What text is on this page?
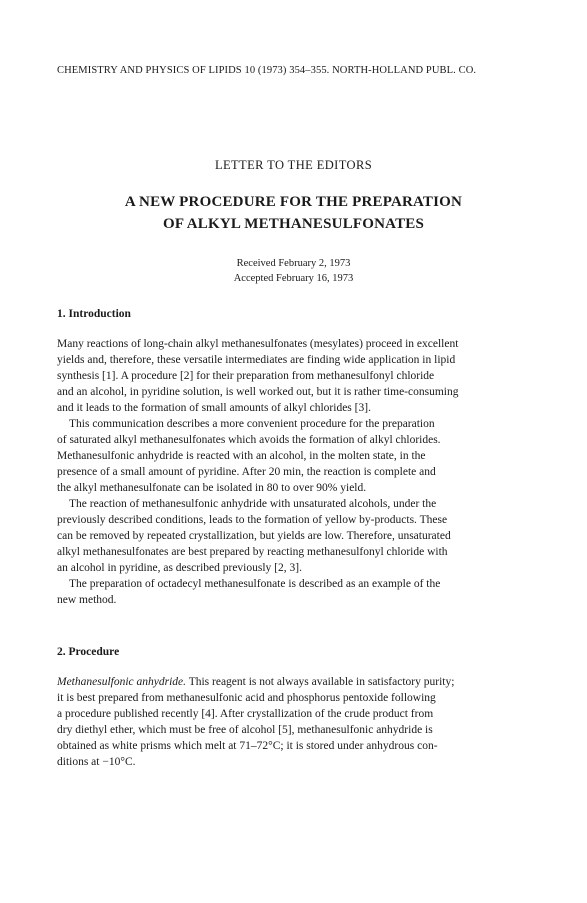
CHEMISTRY AND PHYSICS OF LIPIDS 10 (1973) 354–355. NORTH-HOLLAND PUBL. CO.
LETTER TO THE EDITORS
A NEW PROCEDURE FOR THE PREPARATION
OF ALKYL METHANESULFONATES
Received February 2, 1973
Accepted February 16, 1973
1. Introduction
Many reactions of long-chain alkyl methanesulfonates (mesylates) proceed in excellent
yields and, therefore, these versatile intermediates are finding wide application in lipid
synthesis [1]. A procedure [2] for their preparation from methanesulfonyl chloride
and an alcohol, in pyridine solution, is well worked out, but it is rather time-consuming
and it leads to the formation of small amounts of alkyl chlorides [3].
This communication describes a more convenient procedure for the preparation
of saturated alkyl methanesulfonates which avoids the formation of alkyl chlorides.
Methanesulfonic anhydride is reacted with an alcohol, in the molten state, in the
presence of a small amount of pyridine. After 20 min, the reaction is complete and
the alkyl methanesulfonate can be isolated in 80 to over 90% yield.
The reaction of methanesulfonic anhydride with unsaturated alcohols, under the
previously described conditions, leads to the formation of yellow by-products. These
can be removed by repeated crystallization, but yields are low. Therefore, unsaturated
alkyl methanesulfonates are best prepared by reacting methanesulfonyl chloride with
an alcohol in pyridine, as described previously [2, 3].
The preparation of octadecyl methanesulfonate is described as an example of the
new method.
2. Procedure
Methanesulfonic anhydride. This reagent is not always available in satisfactory purity;
it is best prepared from methanesulfonic acid and phosphorus pentoxide following
a procedure published recently [4]. After crystallization of the crude product from
dry diethyl ether, which must be free of alcohol [5], methanesulfonic anhydride is
obtained as white prisms which melt at 71–72°C; it is stored under anhydrous con-
ditions at −10°C.
